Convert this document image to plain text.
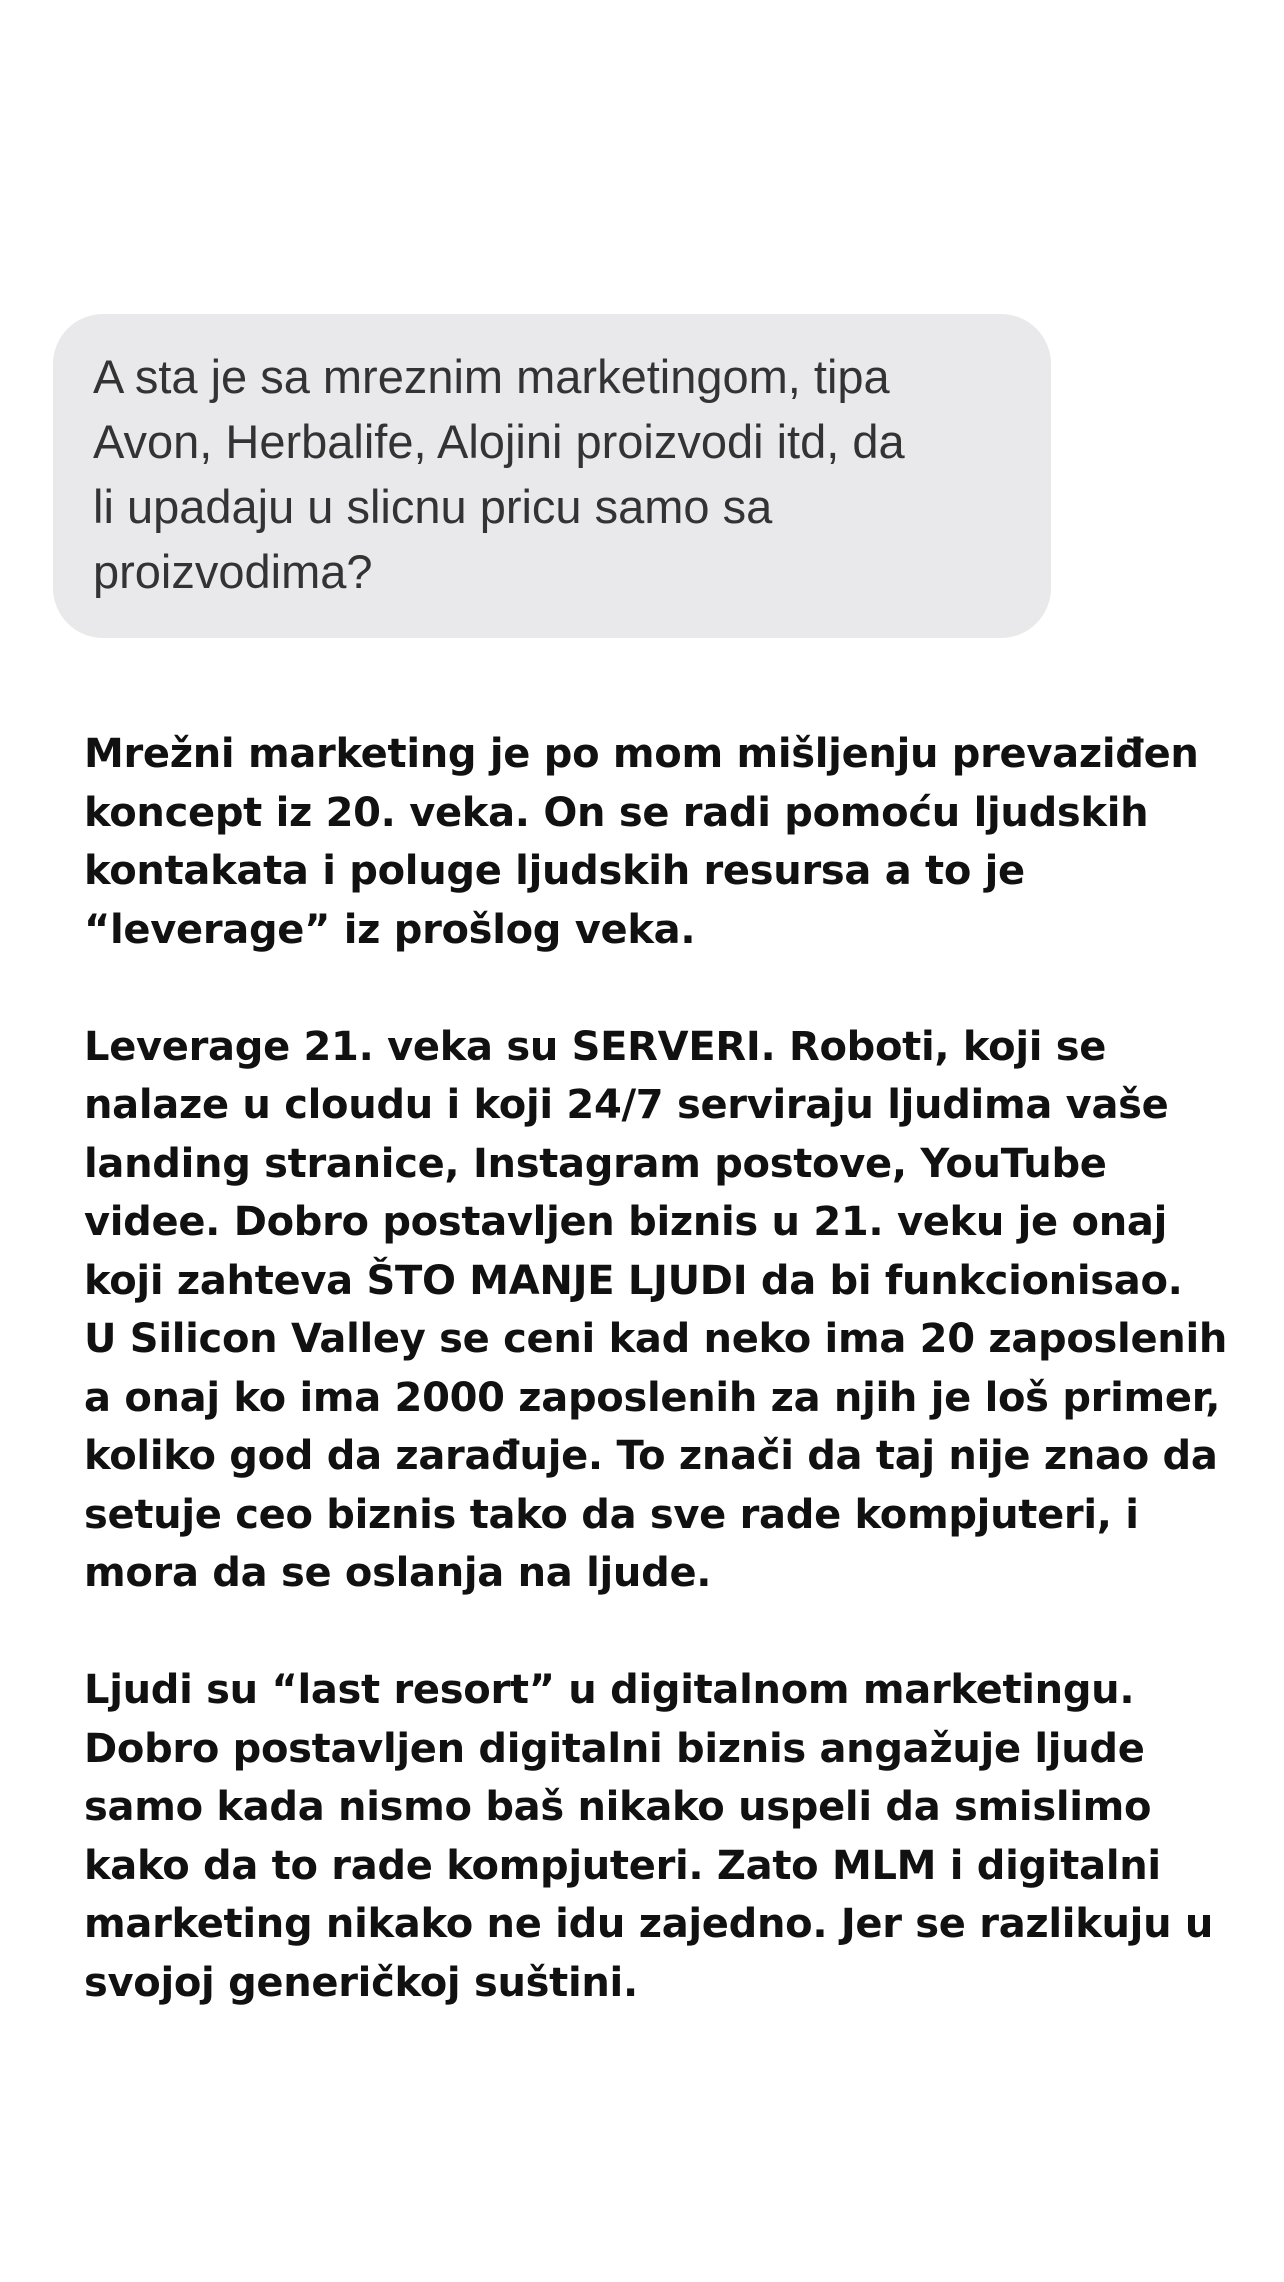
A sta je sa mreznim marketingom, tipa
Avon, Herbalife, Alojini proizvodi itd, da
li upadaju u slicnu pricu samo sa
proizvodima?

Mrežni marketing je po mom mišljenju prevaziđen
koncept iz 20. veka. On se radi pomoću ljudskih
kontakata i poluge ljudskih resursa a to je
“leverage” iz prošlog veka.

Leverage 21. veka su SERVERI. Roboti, koji se
nalaze u cloudu i koji 24/7 serviraju ljudima vaše
landing stranice, Instagram postove, YouTube
videe. Dobro postavljen biznis u 21. veku je onaj
koji zahteva ŠTO MANJE LJUDI da bi funkcionisao.
U Silicon Valley se ceni kad neko ima 20 zaposlenih
a onaj ko ima 2000 zaposlenih za njih je loš primer,
koliko god da zarađuje. To znači da taj nije znao da
setuje ceo biznis tako da sve rade kompjuteri, i
mora da se oslanja na ljude.

Ljudi su “last resort” u digitalnom marketingu.
Dobro postavljen digitalni biznis angažuje ljude
samo kada nismo baš nikako uspeli da smislimo
kako da to rade kompjuteri. Zato MLM i digitalni
marketing nikako ne idu zajedno. Jer se razlikuju u
svojoj generičkoj suštini.
